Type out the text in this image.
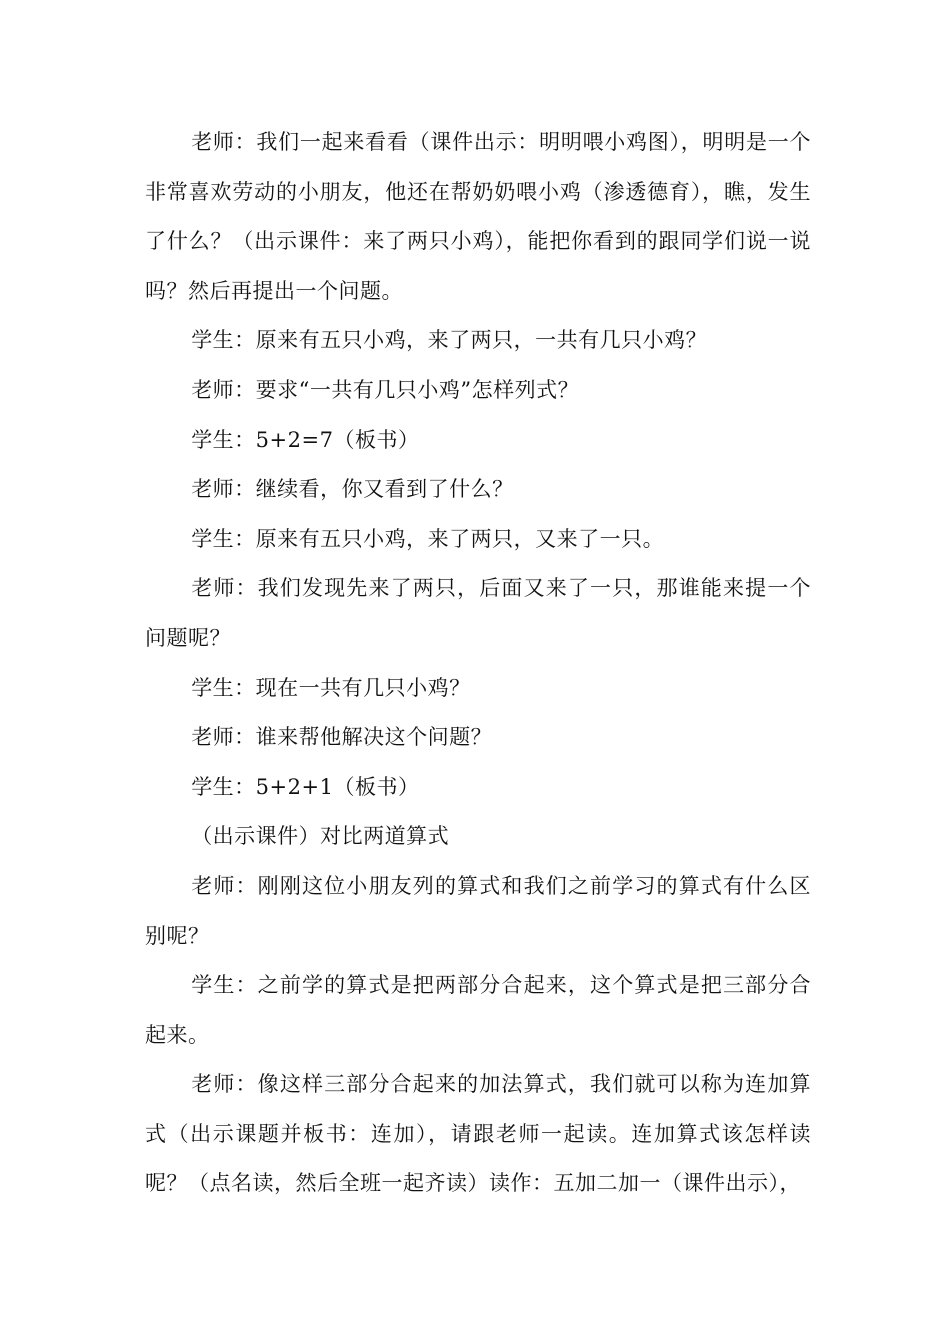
老师：我们一起来看看（课件出示：明明喂小鸡图），明明是一个非常喜欢劳动的小朋友，他还在帮奶奶喂小鸡（渗透德育），瞧，发生了什么？（出示课件：来了两只小鸡），能把你看到的跟同学们说一说吗？然后再提出一个问题。

学生：原来有五只小鸡，来了两只，一共有几只小鸡？

老师：要求“一共有几只小鸡”怎样列式？

学生：5+2=7（板书）

老师：继续看，你又看到了什么？

学生：原来有五只小鸡，来了两只，又来了一只。

老师：我们发现先来了两只，后面又来了一只，那谁能来提一个问题呢？

学生：现在一共有几只小鸡？

老师：谁来帮他解决这个问题？

学生：5+2+1（板书）

（出示课件）对比两道算式

老师：刚刚这位小朋友列的算式和我们之前学习的算式有什么区别呢？

学生：之前学的算式是把两部分合起来，这个算式是把三部分合起来。

老师：像这样三部分合起来的加法算式，我们就可以称为连加算式（出示课题并板书：连加），请跟老师一起读。连加算式该怎样读呢？（点名读，然后全班一起齐读）读作：五加二加一（课件出示），
